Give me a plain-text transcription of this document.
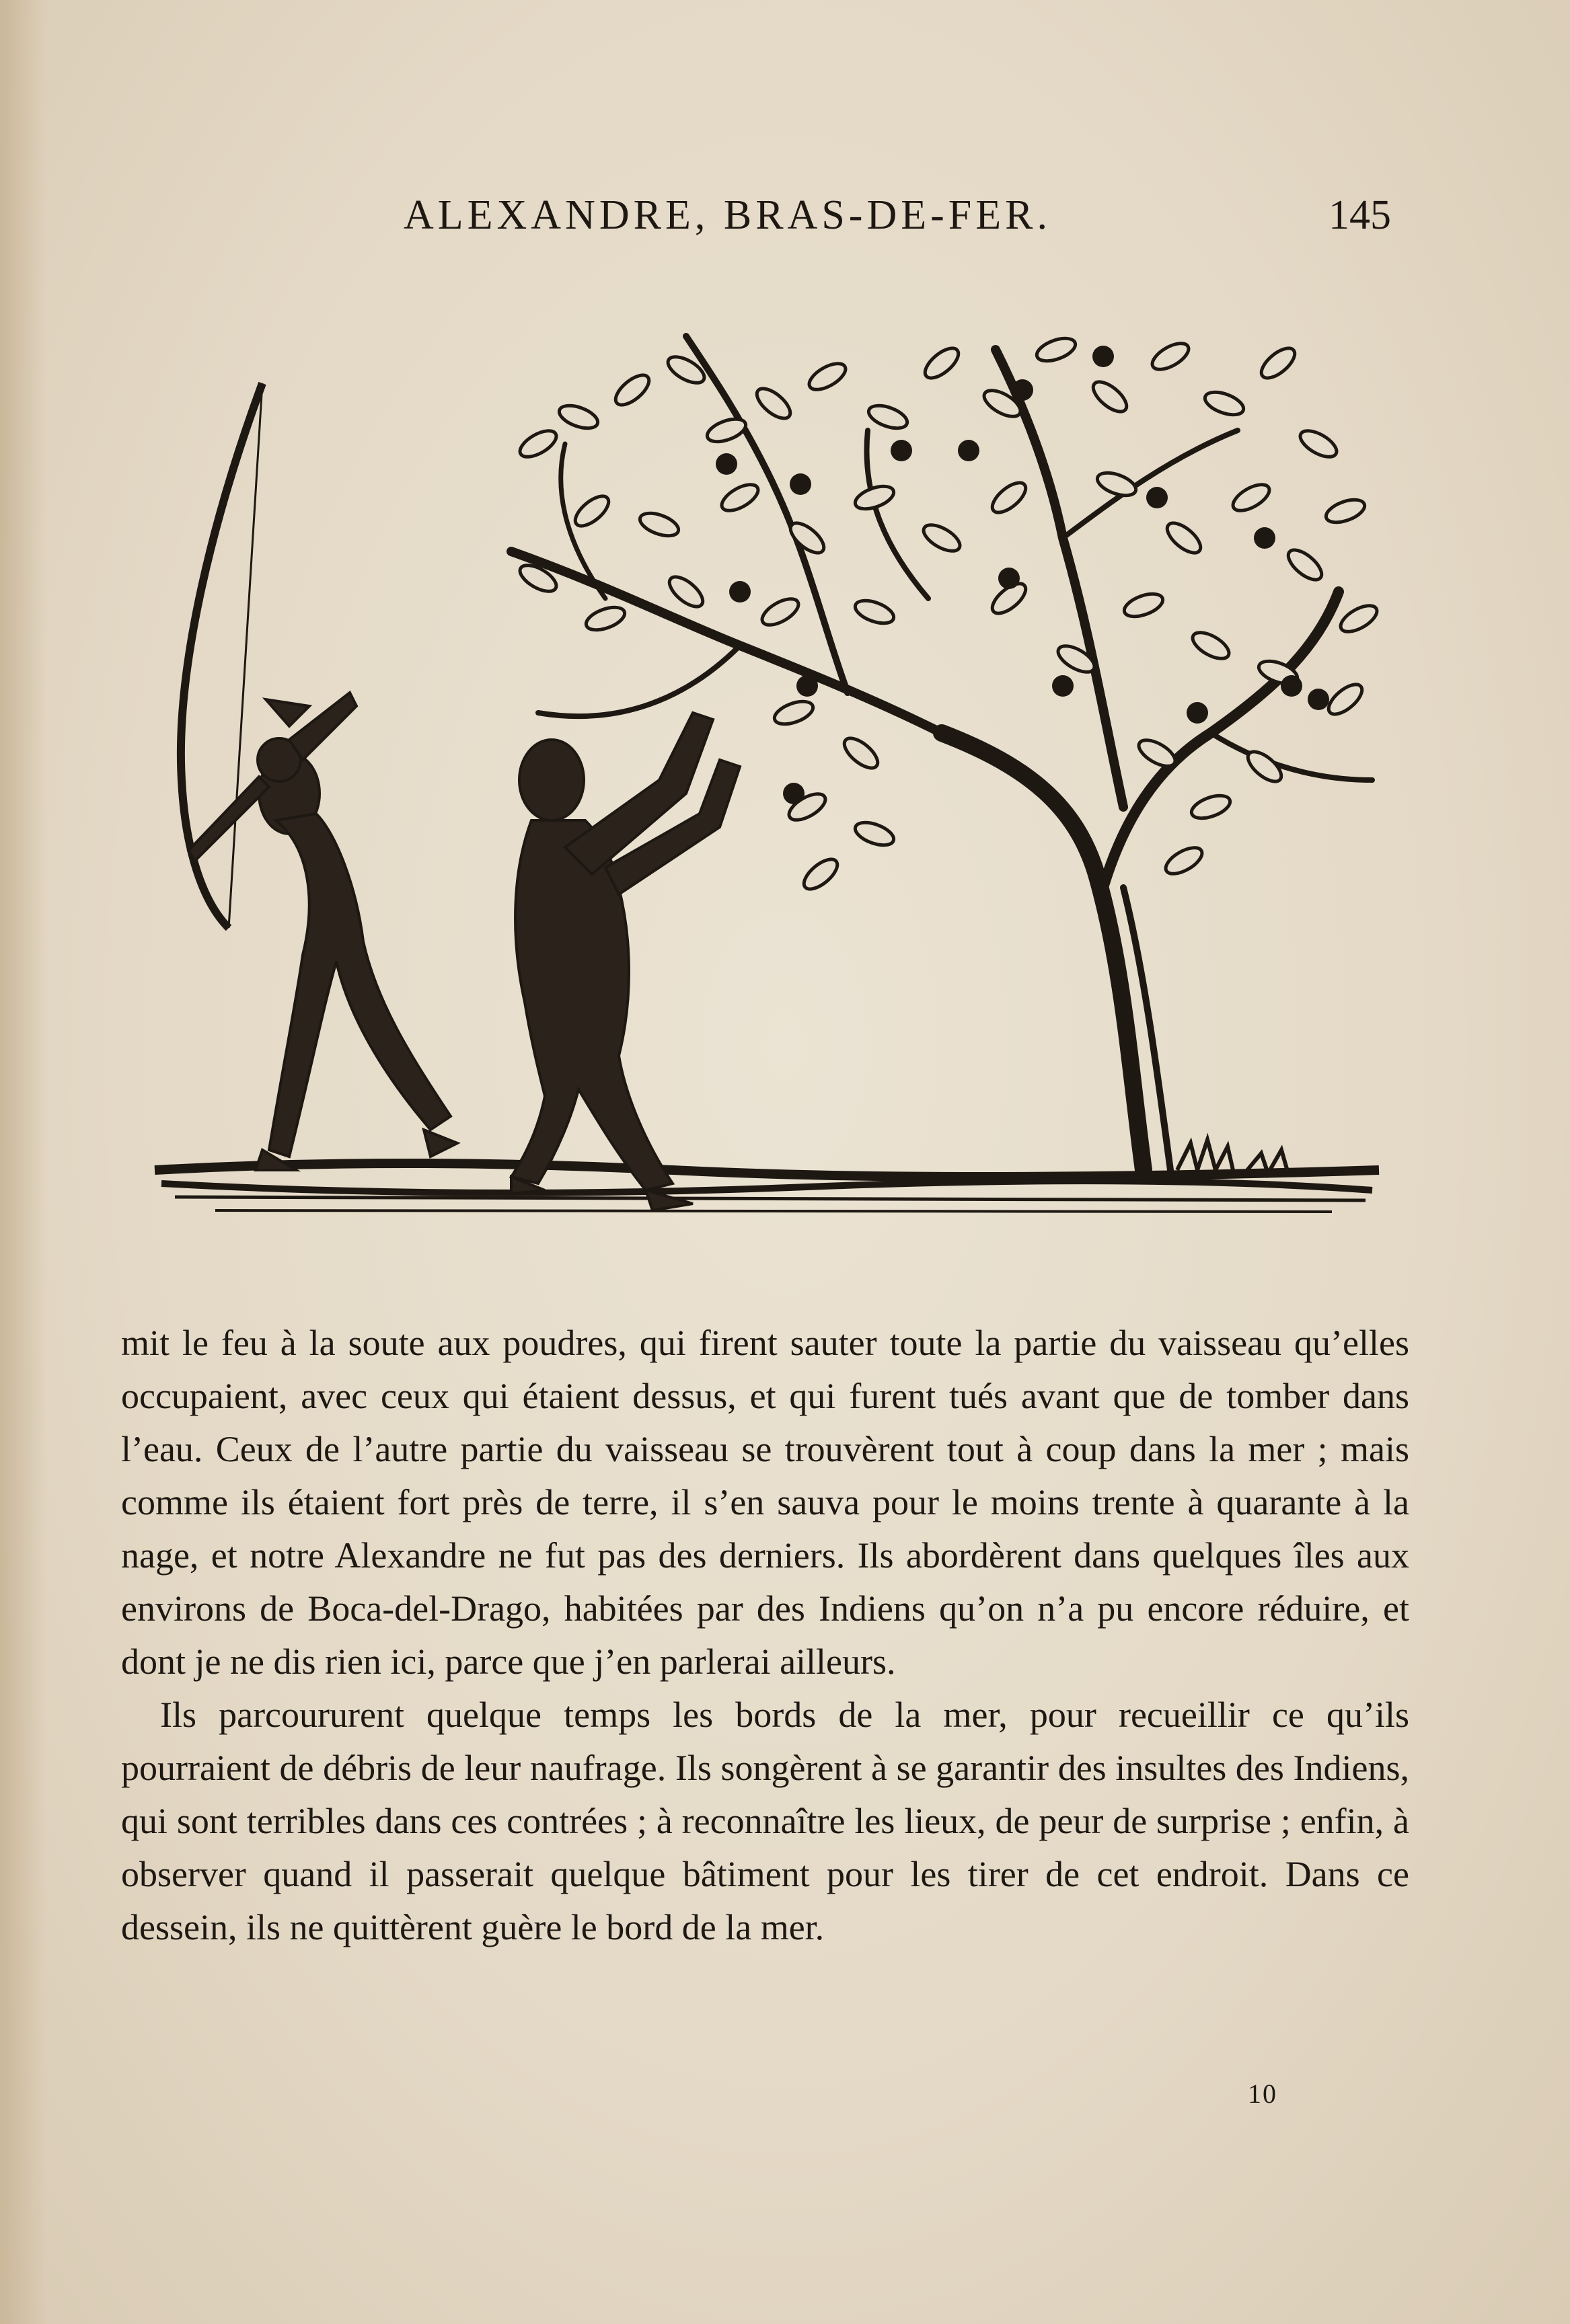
ALEXANDRE, BRAS-DE-FER.	145

mit le feu à la soute aux poudres, qui firent sauter toute la partie du vaisseau qu’elles occupaient, avec ceux qui étaient dessus, et qui furent tués avant que de tomber dans l’eau. Ceux de l’autre partie du vaisseau se trouvèrent tout à coup dans la mer ; mais comme ils étaient fort près de terre, il s’en sauva pour le moins trente à quarante à la nage, et notre Alexandre ne fut pas des derniers. Ils abordèrent dans quelques îles aux environs de Boca-del-Drago, habitées par des Indiens qu’on n’a pu encore réduire, et dont je ne dis rien ici, parce que j’en parlerai ailleurs.

Ils parcoururent quelque temps les bords de la mer, pour recueillir ce qu’ils pourraient de débris de leur naufrage. Ils songèrent à se garantir des insultes des Indiens, qui sont terribles dans ces contrées ; à reconnaître les lieux, de peur de surprise ; enfin, à observer quand il passerait quelque bâtiment pour les tirer de cet endroit. Dans ce dessein, ils ne quittèrent guère le bord de la mer.

10
